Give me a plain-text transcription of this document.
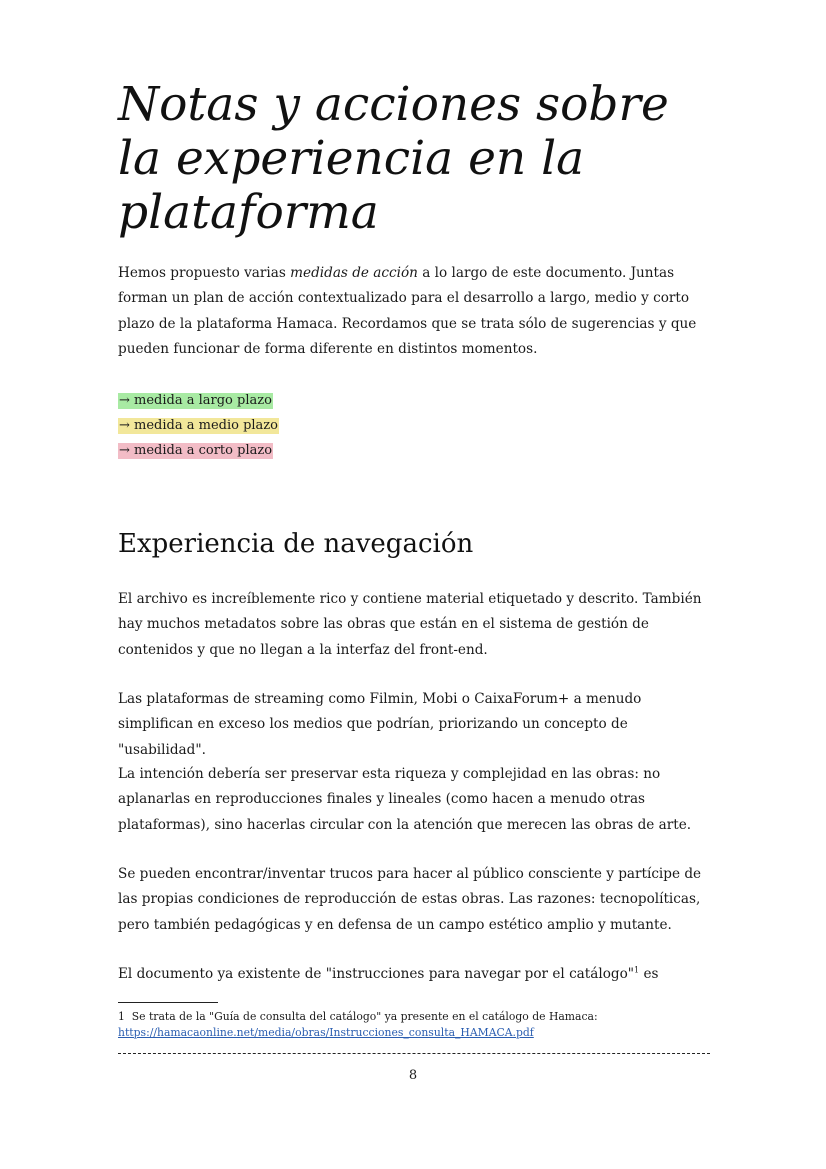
Notas y acciones sobre la experiencia en la plataforma

Hemos propuesto varias medidas de acción a lo largo de este documento. Juntas forman un plan de acción contextualizado para el desarrollo a largo, medio y corto plazo de la plataforma Hamaca. Recordamos que se trata sólo de sugerencias y que pueden funcionar de forma diferente en distintos momentos.

→ medida a largo plazo
→ medida a medio plazo
→ medida a corto plazo
Experiencia de navegación

El archivo es increíblemente rico y contiene material etiquetado y descrito. También hay muchos metadatos sobre las obras que están en el sistema de gestión de contenidos y que no llegan a la interfaz del front-end.

Las plataformas de streaming como Filmin, Mobi o CaixaForum+ a menudo simplifican en exceso los medios que podrían, priorizando un concepto de "usabilidad".

La intención debería ser preservar esta riqueza y complejidad en las obras: no aplanarlas en reproducciones finales y lineales (como hacen a menudo otras plataformas), sino hacerlas circular con la atención que merecen las obras de arte.

Se pueden encontrar/inventar trucos para hacer al público consciente y partícipe de las propias condiciones de reproducción de estas obras. Las razones: tecnopolíticas, pero también pedagógicas y en defensa de un campo estético amplio y mutante.

El documento ya existente de "instrucciones para navegar por el catálogo"$^1$ es

1 Se trata de la "Guía de consulta del catálogo" ya presente en el catálogo de Hamaca:
https://hamacaonline.net/media/obras/Instrucciones_consulta_HAMACA.pdf

8
